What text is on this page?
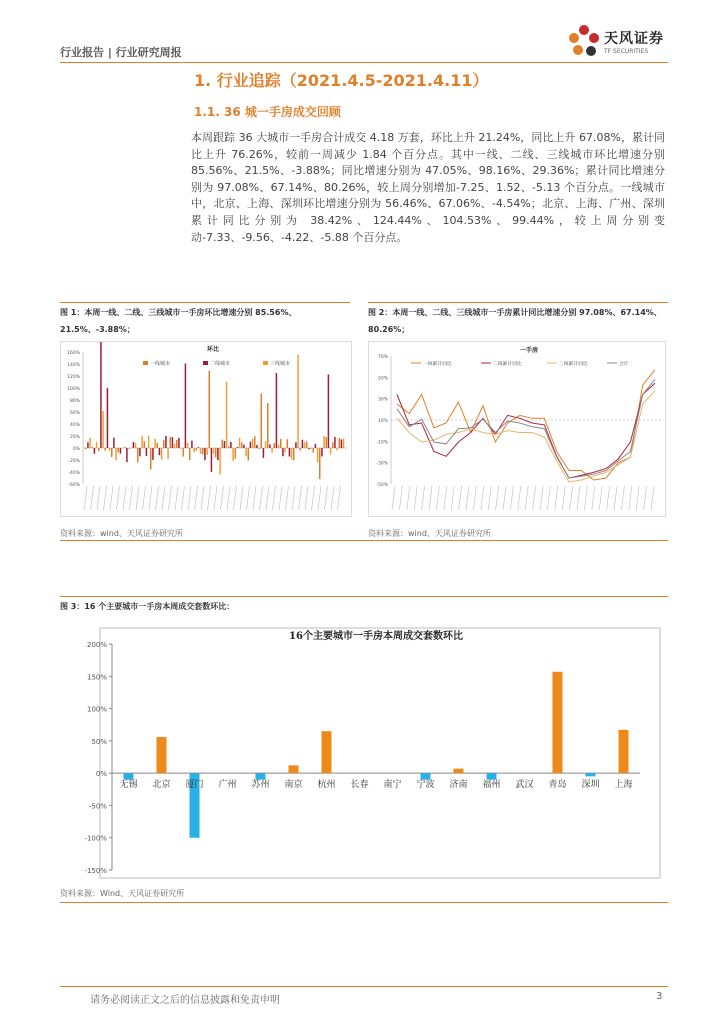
行业报告 | 行业研究周报
天风证券
TF SECURITIES
1. 行业追踪（2021.4.5-2021.4.11）
1.1. 36 城一手房成交回顾
本周跟踪 36 大城市一手房合计成交 4.18 万套，环比上升 21.24%，同比上升 67.08%，累计同比上升 76.26%，较前一周减少 1.84 个百分点。其中一线、二线、三线城市环比增速分别 85.56%、21.5%、-3.88%；同比增速分别为 47.05%、98.16%、29.36%；累计同比增速分别为 97.08%、67.14%、80.26%，较上周分别增加-7.25、1.52、-5.13 个百分点。一线城市中，北京、上海、深圳环比增速分别为 56.46%、67.06%、-4.54%；北京、上海、广州、深圳累计同比分别为 38.42%、124.44%、104.53%、99.44%，较上周分别变动-7.33、-9.56、-4.22、-5.88 个百分点。
图 1：本周一线、二线、三线城市一手房环比增速分别 85.56%、21.5%、-3.88%；
图 2：本周一线、二线、三线城市一手房累计同比增速分别 97.08%、67.14%、80.26%；
环比
160%
140%
120%
100%
80%
60%
40%
20%
0%
-20%
-40%
-60%
一线城市	二线城市	三线城市
资料来源：wind、天风证券研究所
一手房
70%
50%
30%
10%
-10%
-30%
-50%
一线累计同比	二线累计同比	三线累计同比	合计
资料来源：wind、天风证券研究所
图 3：16 个主要城市一手房本周成交套数环比：
16个主要城市一手房本周成交套数环比
200%
150%
100%
50%
0%
-50%
-100%
-150%
无锡 北京 厦门 广州 苏州 南京 杭州 长春 南宁 宁波 济南 福州 武汉 青岛 深圳 上海
资料来源：Wind、天风证券研究所
请务必阅读正文之后的信息披露和免责申明	3
